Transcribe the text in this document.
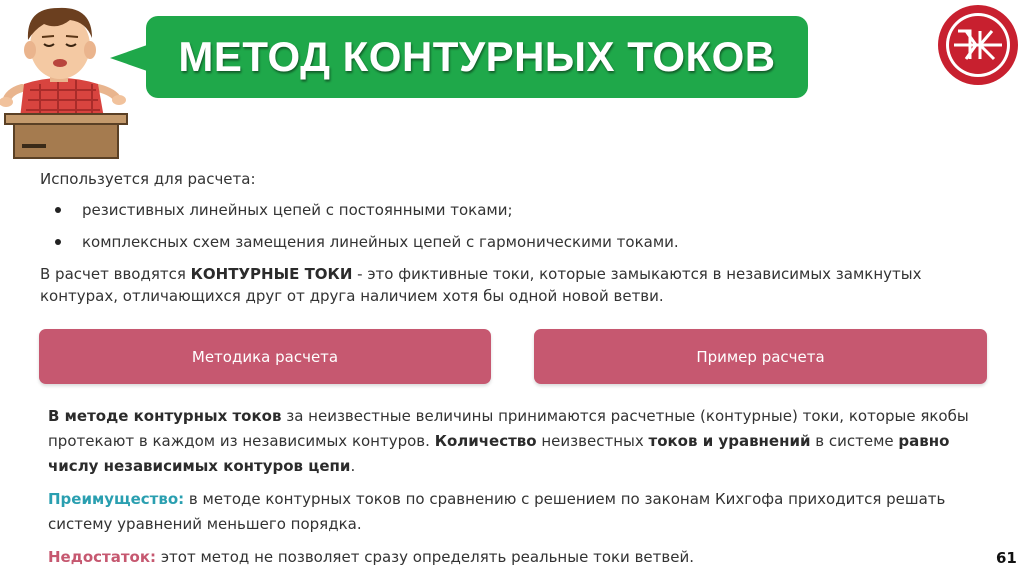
МЕТОД КОНТУРНЫХ ТОКОВ

Используется для расчета:

резистивных линейных цепей с постоянными токами;
комплексных схем замещения линейных цепей с гармоническими токами.

В расчет вводятся КОНТУРНЫЕ ТОКИ - это фиктивные токи, которые замыкаются в независимых замкнутых контурах, отличающихся друг от друга наличием хотя бы одной новой ветви.

Методика расчета	Пример расчета

В методе контурных токов за неизвестные величины принимаются расчетные (контурные) токи, которые якобы протекают в каждом из независимых контуров. Количество неизвестных токов и уравнений в системе равно числу независимых контуров цепи.

Преимущество: в методе контурных токов по сравнению с решением по законам Кихгофа приходится решать систему уравнений меньшего порядка.

Недостаток: этот метод не позволяет сразу определять реальные токи ветвей.	61
